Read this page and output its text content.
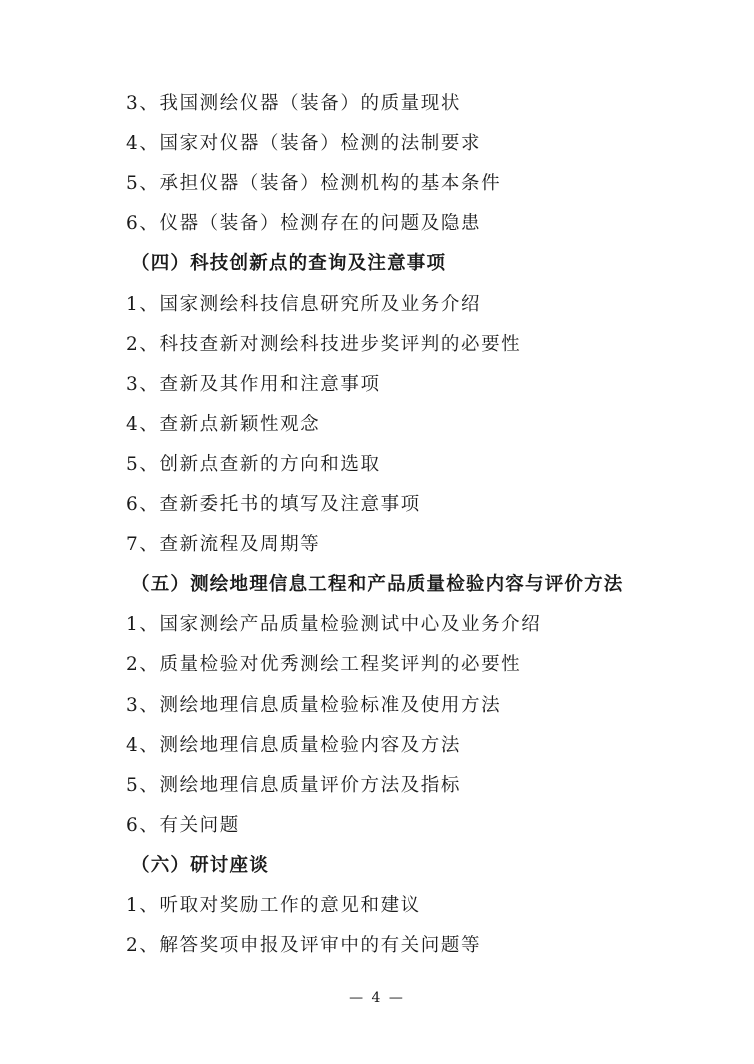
3、我国测绘仪器（装备）的质量现状
4、国家对仪器（装备）检测的法制要求
5、承担仪器（装备）检测机构的基本条件
6、仪器（装备）检测存在的问题及隐患
（四）科技创新点的查询及注意事项
1、国家测绘科技信息研究所及业务介绍
2、科技查新对测绘科技进步奖评判的必要性
3、查新及其作用和注意事项
4、查新点新颖性观念
5、创新点查新的方向和选取
6、查新委托书的填写及注意事项
7、查新流程及周期等
（五）测绘地理信息工程和产品质量检验内容与评价方法
1、国家测绘产品质量检验测试中心及业务介绍
2、质量检验对优秀测绘工程奖评判的必要性
3、测绘地理信息质量检验标准及使用方法
4、测绘地理信息质量检验内容及方法
5、测绘地理信息质量评价方法及指标
6、有关问题
（六）研讨座谈
1、听取对奖励工作的意见和建议
2、解答奖项申报及评审中的有关问题等
— 4 —
